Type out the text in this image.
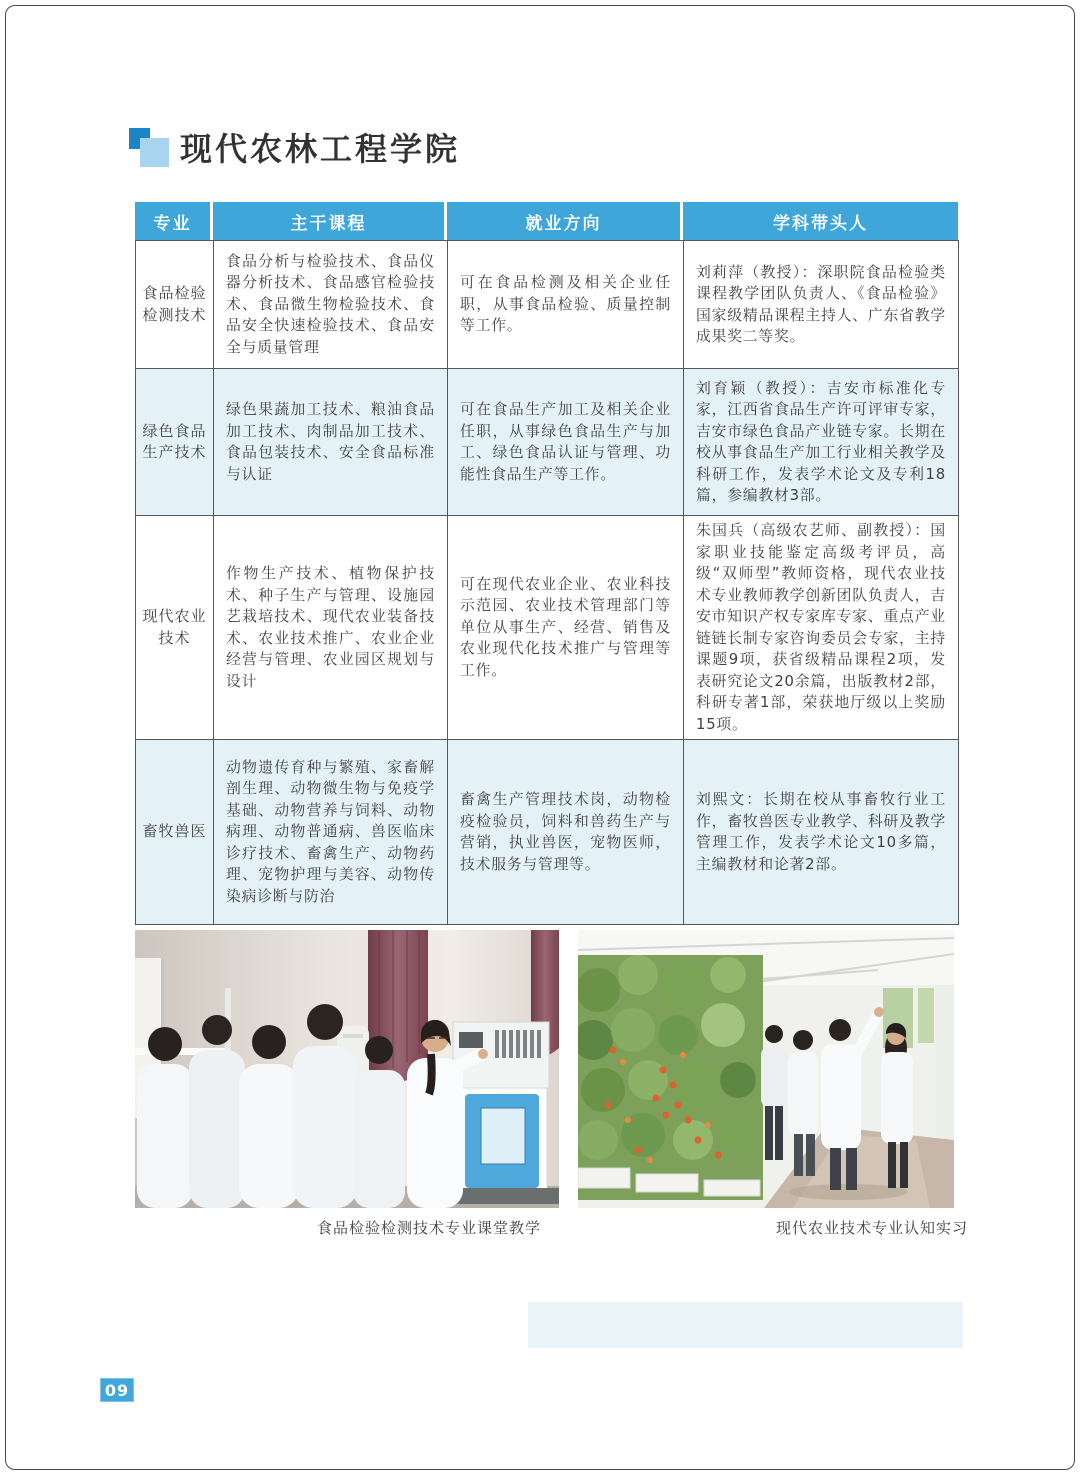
现代农林工程学院
专业	主干课程	就业方向	学科带头人
食品检验检测技术	食品分析与检验技术、食品仪器分析技术、食品感官检验技术、食品微生物检验技术、食品安全快速检验技术、食品安全与质量管理	可在食品检测及相关企业任职，从事食品检验、质量控制等工作。	刘莉萍（教授）：深职院食品检验类课程教学团队负责人、《食品检验》国家级精品课程主持人、广东省教学成果奖二等奖。
绿色食品生产技术	绿色果蔬加工技术、粮油食品加工技术、肉制品加工技术、食品包装技术、安全食品标准与认证	可在食品生产加工及相关企业任职，从事绿色食品生产与加工、绿色食品认证与管理、功能性食品生产等工作。	刘育颖（教授）：吉安市标准化专家，江西省食品生产许可评审专家，吉安市绿色食品产业链专家。长期在校从事食品生产加工行业相关教学及科研工作，发表学术论文及专利18篇，参编教材3部。
现代农业技术	作物生产技术、植物保护技术、种子生产与管理、设施园艺栽培技术、现代农业装备技术、农业技术推广、农业企业经营与管理、农业园区规划与设计	可在现代农业企业、农业科技示范园、农业技术管理部门等单位从事生产、经营、销售及农业现代化技术推广与管理等工作。	朱国兵（高级农艺师、副教授）：国家职业技能鉴定高级考评员，高级“双师型”教师资格，现代农业技术专业教师教学创新团队负责人，吉安市知识产权专家库专家、重点产业链链长制专家咨询委员会专家，主持课题9项，获省级精品课程2项，发表研究论文20余篇，出版教材2部，科研专著1部，荣获地厅级以上奖励15项。
畜牧兽医	动物遗传育种与繁殖、家畜解剖生理、动物微生物与免疫学基础、动物营养与饲料、动物病理、动物普通病、兽医临床诊疗技术、畜禽生产、动物药理、宠物护理与美容、动物传染病诊断与防治	畜禽生产管理技术岗，动物检疫检验员，饲料和兽药生产与营销，执业兽医，宠物医师，技术服务与管理等。	刘熙文：长期在校从事畜牧行业工作，畜牧兽医专业教学、科研及教学管理工作，发表学术论文10多篇，主编教材和论著2部。
食品检验检测技术专业课堂教学	现代农业技术专业认知实习
09
